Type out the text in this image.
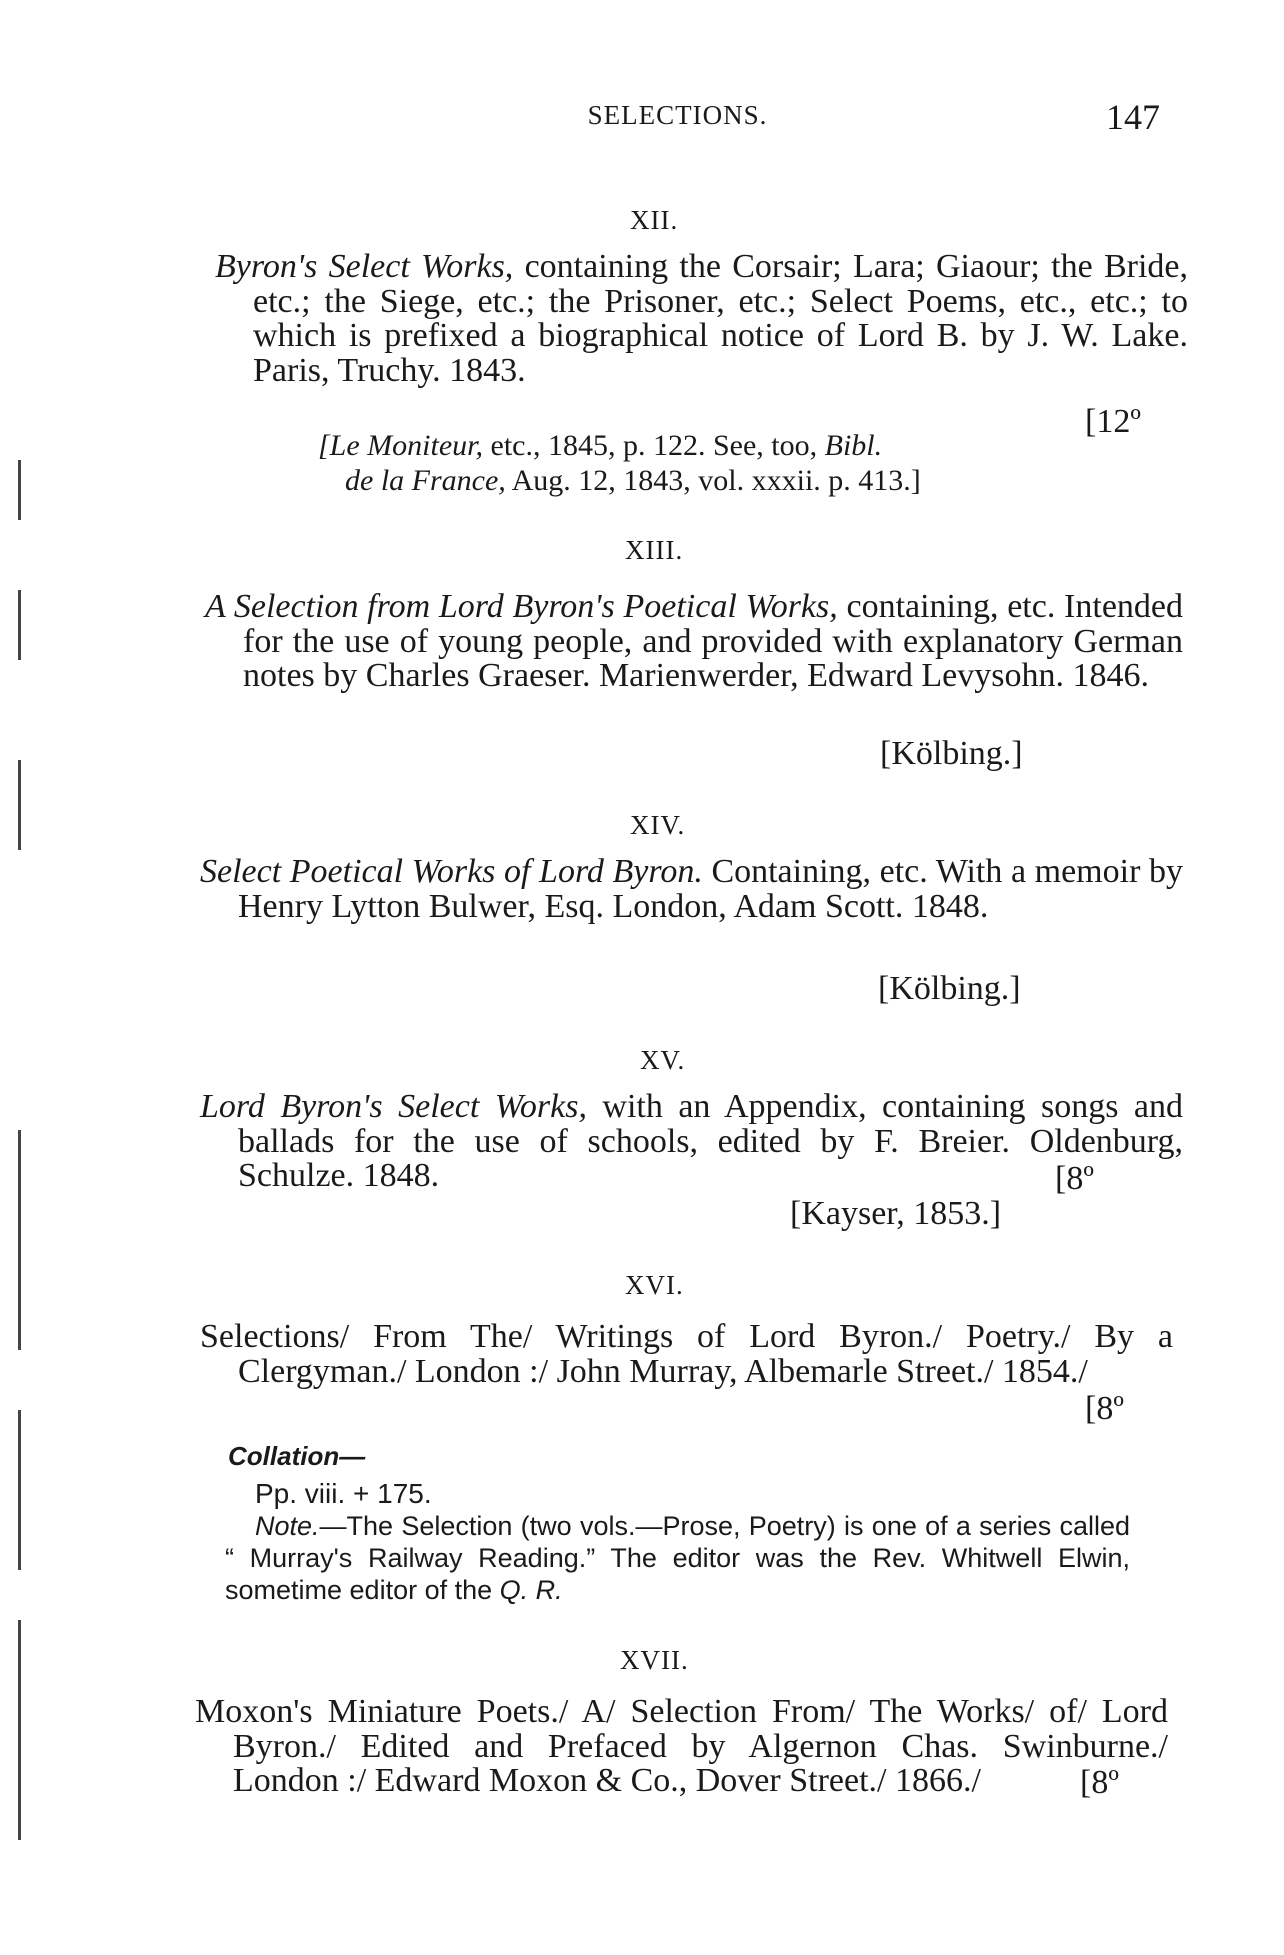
SELECTIONS.	147
XII.
Byron's Select Works, containing the Corsair; Lara; Giaour; the Bride, etc.; the Siege, etc.; the Prisoner, etc.; Select Poems, etc., etc.; to which is prefixed a biographical notice of Lord B. by J. W. Lake. Paris, Truchy. 1843.
[12º
[Le Moniteur, etc., 1845, p. 122. See, too, Bibl.
de la France, Aug. 12, 1843, vol. xxxii. p. 413.]
XIII.
A Selection from Lord Byron's Poetical Works, containing, etc. Intended for the use of young people, and provided with explanatory German notes by Charles Graeser. Marienwerder, Edward Levysohn. 1846.
[Kölbing.]
XIV.
Select Poetical Works of Lord Byron. Containing, etc. With a memoir by Henry Lytton Bulwer, Esq. London, Adam Scott. 1848.
[Kölbing.]
XV.
Lord Byron's Select Works, with an Appendix, containing songs and ballads for the use of schools, edited by F. Breier. Oldenburg, Schulze. 1848.	[8º
[Kayser, 1853.]
XVI.
Selections/ From The/ Writings of Lord Byron./ Poetry./ By a Clergyman./ London :/ John Murray, Albemarle Street./ 1854./
[8º
Collation—
Pp. viii. + 175.
Note.—The Selection (two vols.—Prose, Poetry) is one of a series called “ Murray's Railway Reading.” The editor was the Rev. Whitwell Elwin, sometime editor of the Q. R.
XVII.
Moxon's Miniature Poets./ A/ Selection From/ The Works/ of/ Lord Byron./ Edited and Prefaced by Algernon Chas. Swinburne./ London :/ Edward Moxon & Co., Dover Street./ 1866./	[8º
